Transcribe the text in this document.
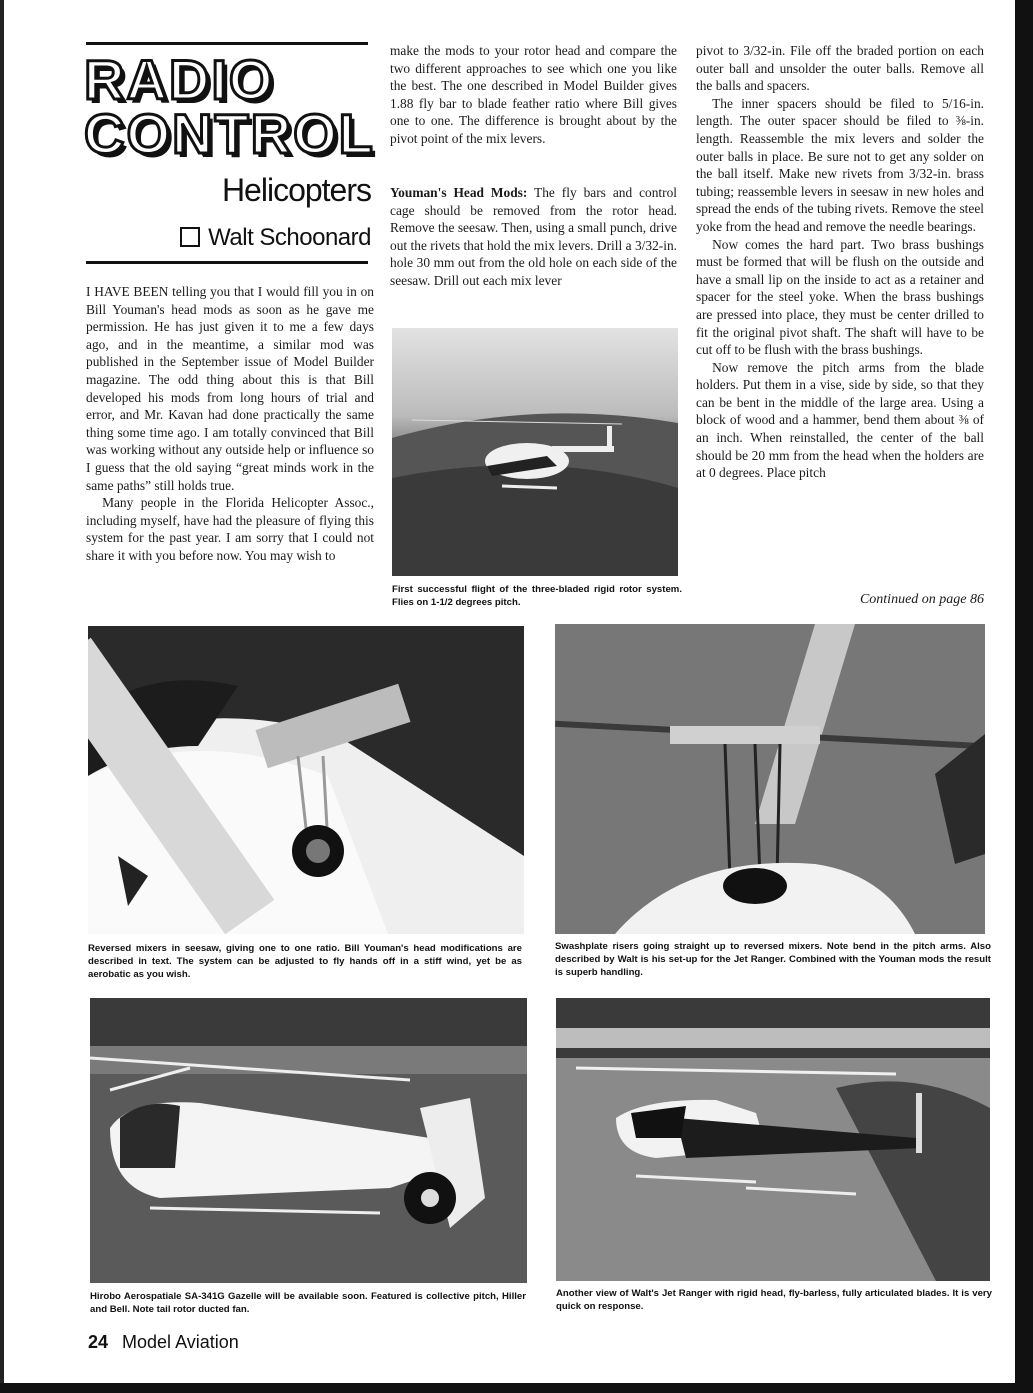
RADIO
CONTROL
Helicopters
Walt Schoonard

I HAVE BEEN telling you that I would fill you in on Bill Youman's head mods as soon as he gave me permission. He has just given it to me a few days ago, and in the meantime, a similar mod was published in the September issue of Model Builder magazine. The odd thing about this is that Bill developed his mods from long hours of trial and error, and Mr. Kavan had done practically the same thing some time ago. I am totally convinced that Bill was working without any outside help or influence so I guess that the old saying “great minds work in the same paths” still holds true.

Many people in the Florida Helicopter Assoc., including myself, have had the pleasure of flying this system for the past year. I am sorry that I could not share it with you before now. You may wish to

make the mods to your rotor head and compare the two different approaches to see which one you like the best. The one described in Model Builder gives 1.88 fly bar to blade feather ratio where Bill gives one to one. The difference is brought about by the pivot point of the mix levers.

Youman's Head Mods: The fly bars and control cage should be removed from the rotor head. Remove the seesaw. Then, using a small punch, drive out the rivets that hold the mix levers. Drill a 3/32-in. hole 30 mm out from the old hole on each side of the seesaw. Drill out each mix lever

pivot to 3/32-in. File off the braded portion on each outer ball and unsolder the outer balls. Remove all the balls and spacers.

The inner spacers should be filed to 5/16-in. length. The outer spacer should be filed to ⅜-in. length. Reassemble the mix levers and solder the outer balls in place. Be sure not to get any solder on the ball itself. Make new rivets from 3/32-in. brass tubing; reassemble levers in seesaw in new holes and spread the ends of the tubing rivets. Remove the steel yoke from the head and remove the needle bearings.

Now comes the hard part. Two brass bushings must be formed that will be flush on the outside and have a small lip on the inside to act as a retainer and spacer for the steel yoke. When the brass bushings are pressed into place, they must be center drilled to fit the original pivot shaft. The shaft will have to be cut off to be flush with the brass bushings.

Now remove the pitch arms from the blade holders. Put them in a vise, side by side, so that they can be bent in the middle of the large area. Using a block of wood and a hammer, bend them about ⅜ of an inch. When reinstalled, the center of the ball should be 20 mm from the head when the holders are at 0 degrees. Place pitch

Continued on page 86
First successful flight of the three-bladed rigid rotor system. Flies on 1-1/2 degrees pitch.
Reversed mixers in seesaw, giving one to one ratio. Bill Youman's head modifications are described in text. The system can be adjusted to fly hands off in a stiff wind, yet be as aerobatic as you wish.
Swashplate risers going straight up to reversed mixers. Note bend in the pitch arms. Also described by Walt is his set-up for the Jet Ranger. Combined with the Youman mods the result is superb handling.
Hirobo Aerospatiale SA-341G Gazelle will be available soon. Featured is collective pitch, Hiller and Bell. Note tail rotor ducted fan.
Another view of Walt's Jet Ranger with rigid head, fly-barless, fully articulated blades. It is very quick on response.
24 Model Aviation
